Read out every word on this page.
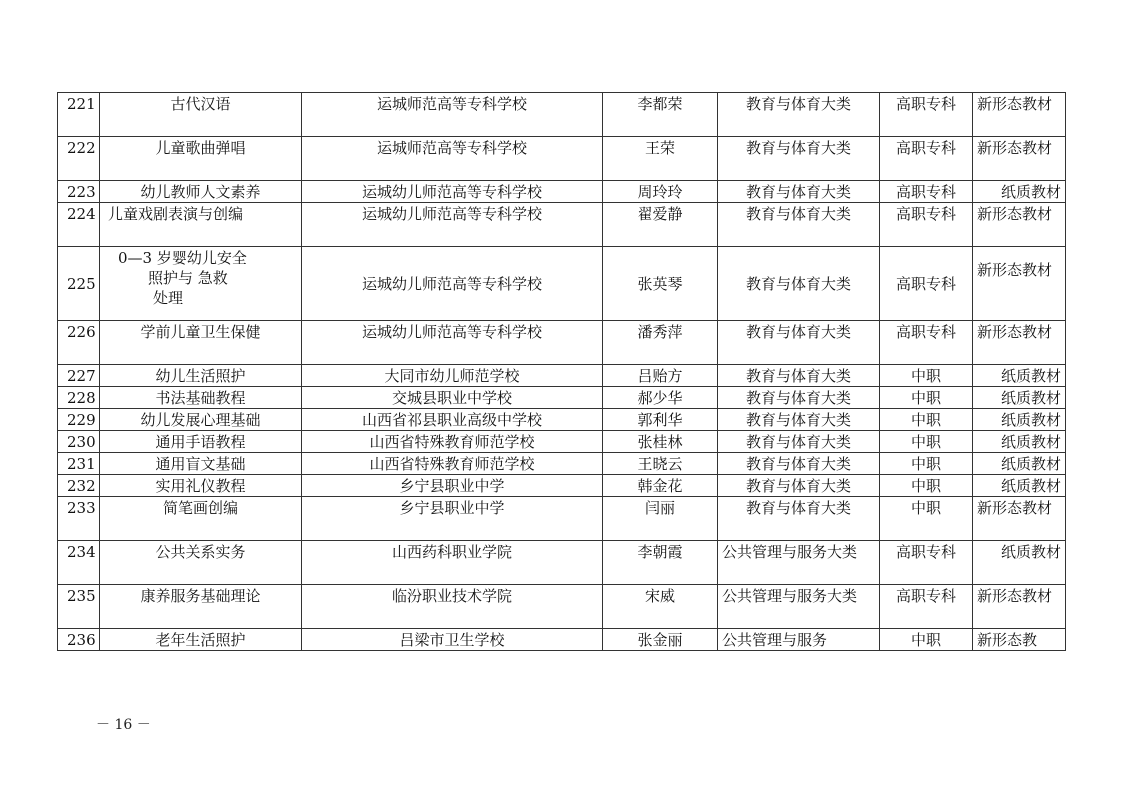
221	古代汉语	运城师范高等专科学校	李都荣	教育与体育大类	高职专科	新形态教材
222	儿童歌曲弹唱	运城师范高等专科学校	王荣	教育与体育大类	高职专科	新形态教材
223	幼儿教师人文素养	运城幼儿师范高等专科学校	周玲玲	教育与体育大类	高职专科	纸质教材
224	儿童戏剧表演与创编	运城幼儿师范高等专科学校	翟爱静	教育与体育大类	高职专科	新形态教材
225	0—3 岁婴幼儿安全
照护与 急救
处理	运城幼儿师范高等专科学校	张英琴	教育与体育大类	高职专科	新形态教材
226	学前儿童卫生保健	运城幼儿师范高等专科学校	潘秀萍	教育与体育大类	高职专科	新形态教材
227	幼儿生活照护	大同市幼儿师范学校	吕贻方	教育与体育大类	中职	纸质教材
228	书法基础教程	交城县职业中学校	郝少华	教育与体育大类	中职	纸质教材
229	幼儿发展心理基础	山西省祁县职业高级中学校	郭利华	教育与体育大类	中职	纸质教材
230	通用手语教程	山西省特殊教育师范学校	张桂林	教育与体育大类	中职	纸质教材
231	通用盲文基础	山西省特殊教育师范学校	王晓云	教育与体育大类	中职	纸质教材
232	实用礼仪教程	乡宁县职业中学	韩金花	教育与体育大类	中职	纸质教材
233	简笔画创编	乡宁县职业中学	闫丽	教育与体育大类	中职	新形态教材
234	公共关系实务	山西药科职业学院	李朝霞	公共管理与服务大类	高职专科	纸质教材
235	康养服务基础理论	临汾职业技术学院	宋威	公共管理与服务大类	高职专科	新形态教材
236	老年生活照护	吕梁市卫生学校	张金丽	公共管理与服务	中职	新形态教
－ 16 －
